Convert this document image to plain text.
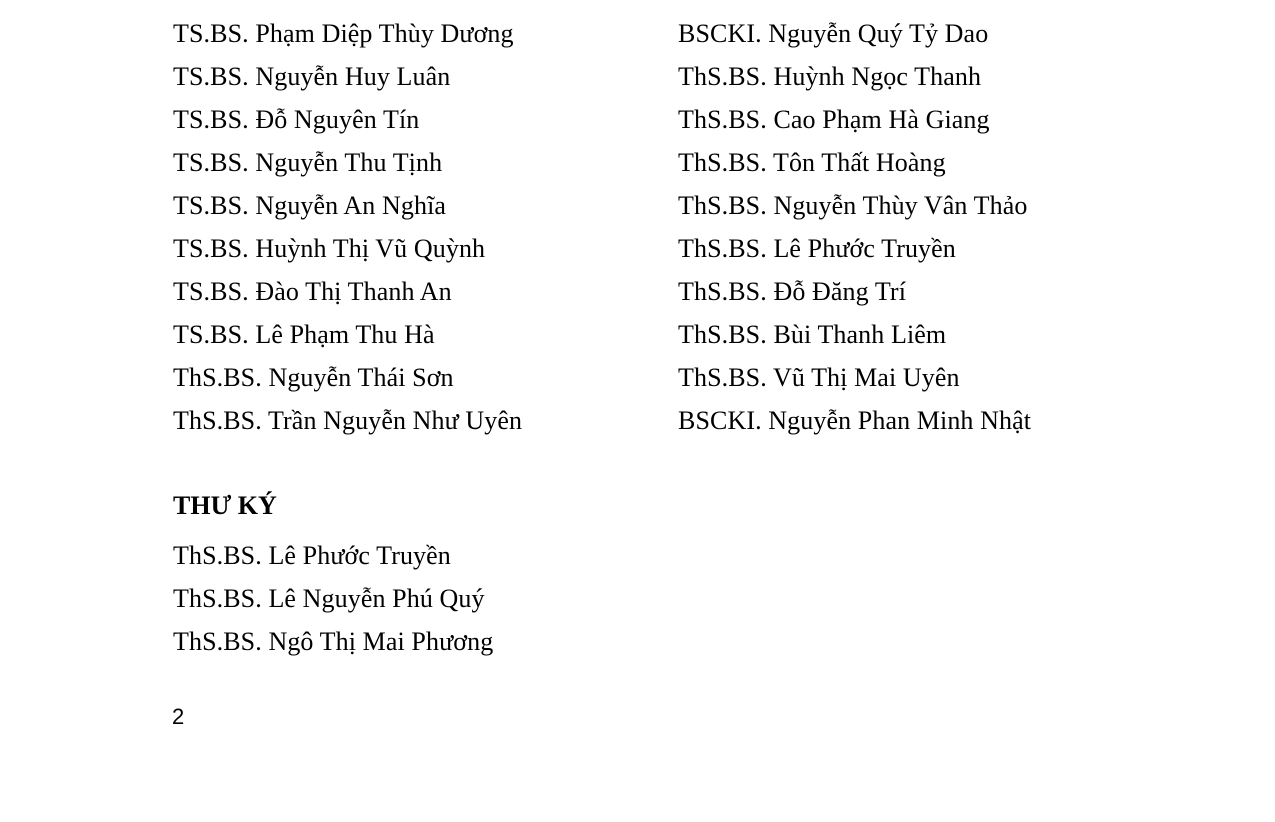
TS.BS. Phạm Diệp Thùy Dương
TS.BS. Nguyễn Huy Luân
TS.BS. Đỗ Nguyên Tín
TS.BS. Nguyễn Thu Tịnh
TS.BS. Nguyễn An Nghĩa
TS.BS. Huỳnh Thị Vũ Quỳnh
TS.BS. Đào Thị Thanh An
TS.BS. Lê Phạm Thu Hà
ThS.BS. Nguyễn Thái Sơn
ThS.BS. Trần Nguyễn Như Uyên
BSCKI. Nguyễn Quý Tỷ Dao
ThS.BS. Huỳnh Ngọc Thanh
ThS.BS. Cao Phạm Hà Giang
ThS.BS. Tôn Thất Hoàng
ThS.BS. Nguyễn Thùy Vân Thảo
ThS.BS. Lê Phước Truyền
ThS.BS. Đỗ Đăng Trí
ThS.BS. Bùi Thanh Liêm
ThS.BS. Vũ Thị Mai Uyên
BSCKI. Nguyễn Phan Minh Nhật
THƯ KÝ
ThS.BS. Lê Phước Truyền
ThS.BS. Lê Nguyễn Phú Quý
ThS.BS. Ngô Thị Mai Phương
2
